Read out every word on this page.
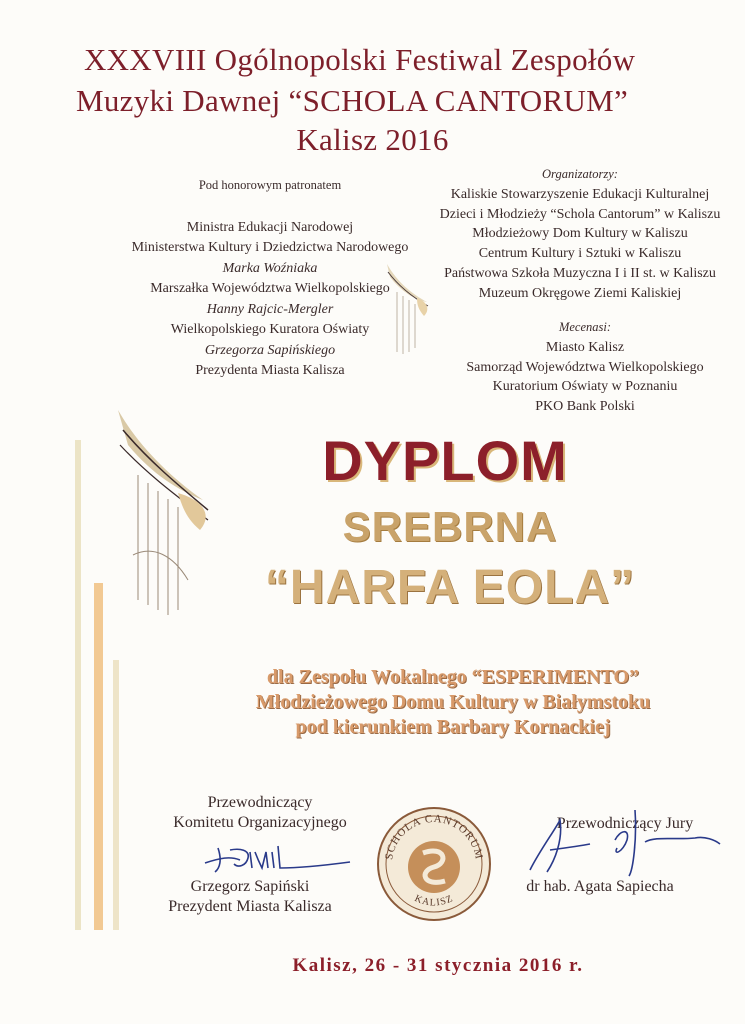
XXXVIII Ogólnopolski Festiwal Zespołów
Muzyki Dawnej “SCHOLA CANTORUM”
Kalisz 2016
Pod honorowym patronatem
Ministra Edukacji Narodowej
Ministerstwa Kultury i Dziedzictwa Narodowego
Marka Woźniaka
Marszałka Województwa Wielkopolskiego
Hanny Rajcic-Mergler
Wielkopolskiego Kuratora Oświaty
Grzegorza Sapińskiego
Prezydenta Miasta Kalisza
Organizatorzy:
Kaliskie Stowarzyszenie Edukacji Kulturalnej
Dzieci i Młodzieży “Schola Cantorum” w Kaliszu
Młodzieżowy Dom Kultury w Kaliszu
Centrum Kultury i Sztuki w Kaliszu
Państwowa Szkoła Muzyczna I i II st. w Kaliszu
Muzeum Okręgowe Ziemi Kaliskiej
Mecenasi:
Miasto Kalisz
Samorząd Województwa Wielkopolskiego
Kuratorium Oświaty w Poznaniu
PKO Bank Polski
DYPLOM
SREBRNA
“HARFA EOLA”
dla Zespołu Wokalnego “ESPERIMENTO”
Młodzieżowego Domu Kultury w Białymstoku
pod kierunkiem Barbary Kornackiej
Przewodniczący
Komitetu Organizacyjnego
Grzegorz Sapiński
Prezydent Miasta Kalisza
SCHOLA CANTORUM
KALISZ
Przewodniczący Jury
dr hab. Agata Sapiecha
Kalisz, 26 - 31 stycznia 2016 r.
